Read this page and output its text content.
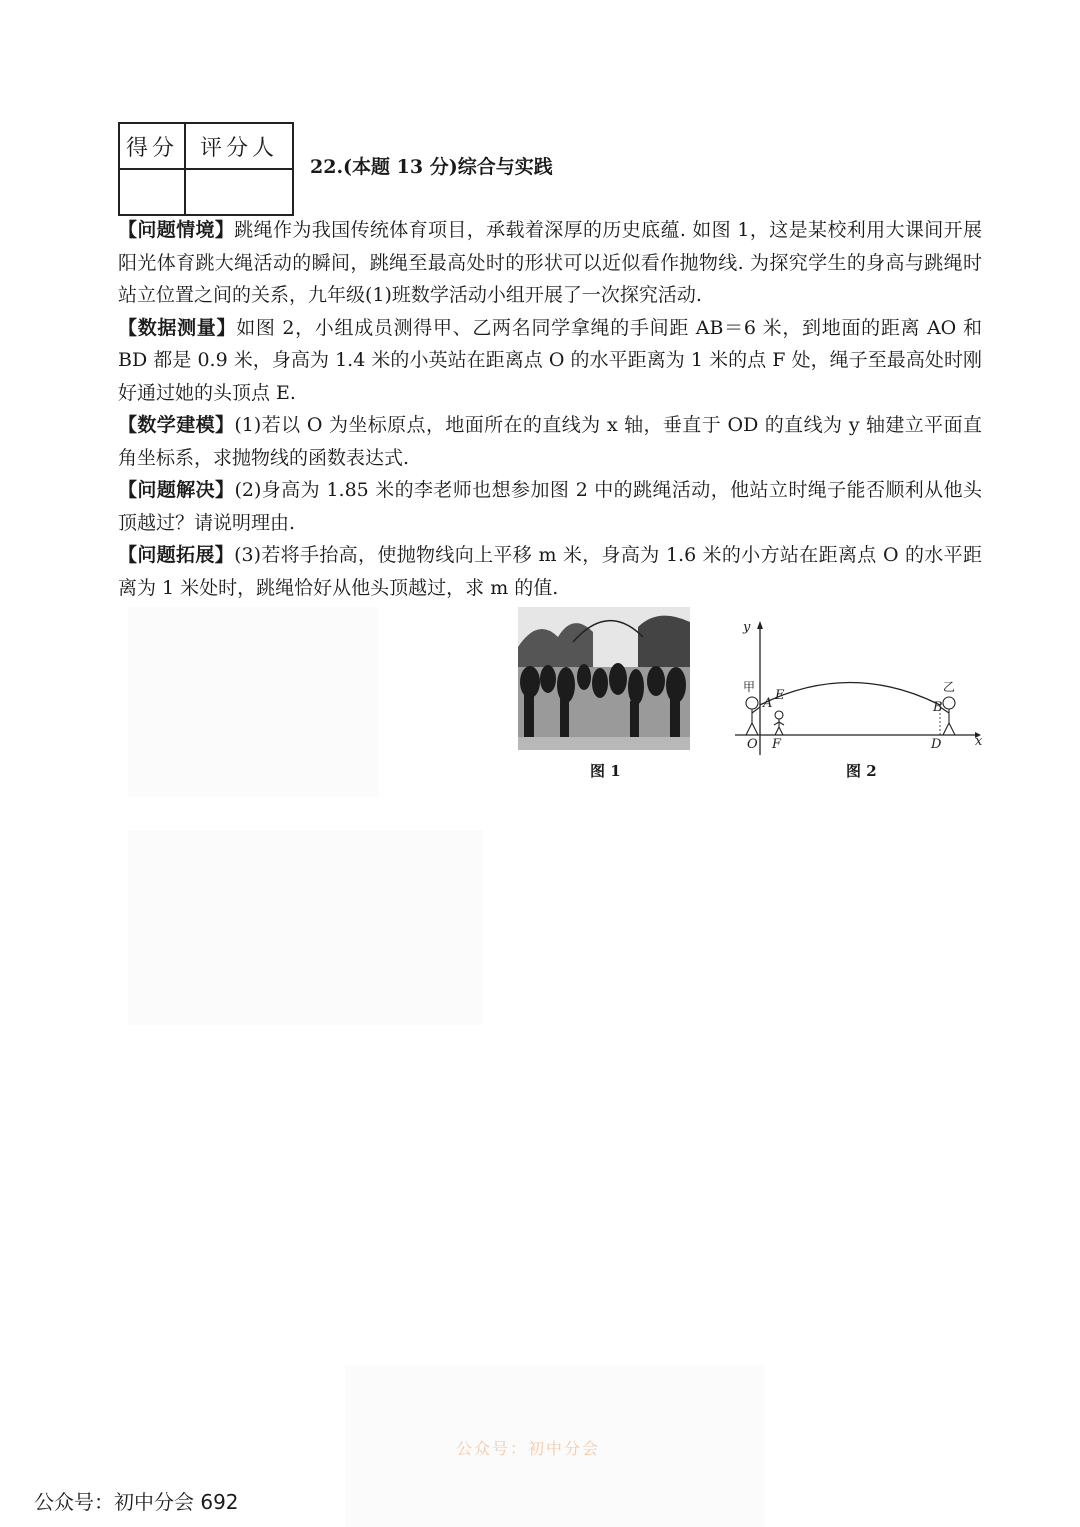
得分	评分人

22.(本题 13 分)综合与实践

【问题情境】跳绳作为我国传统体育项目，承载着深厚的历史底蕴. 如图 1，这是某校利用大课间开展阳光体育跳大绳活动的瞬间，跳绳至最高处时的形状可以近似看作抛物线. 为探究学生的身高与跳绳时站立位置之间的关系，九年级(1)班数学活动小组开展了一次探究活动.

【数据测量】如图 2，小组成员测得甲、乙两名同学拿绳的手间距 AB＝6 米，到地面的距离 AO 和 BD 都是 0.9 米，身高为 1.4 米的小英站在距离点 O 的水平距离为 1 米的点 F 处，绳子至最高处时刚好通过她的头顶点 E.

【数学建模】(1)若以 O 为坐标原点，地面所在的直线为 x 轴，垂直于 OD 的直线为 y 轴建立平面直角坐标系，求抛物线的函数表达式.

【问题解决】(2)身高为 1.85 米的李老师也想参加图 2 中的跳绳活动，他站立时绳子能否顺利从他头顶越过？请说明理由.

【问题拓展】(3)若将手抬高，使抛物线向上平移 m 米，身高为 1.6 米的小方站在距离点 O 的水平距离为 1 米处时，跳绳恰好从他头顶越过，求 m 的值.

图 1
y
x
A	B
E
O F	D
甲	乙
图 2
公众号：初中分会
公众号：初中分会 692
